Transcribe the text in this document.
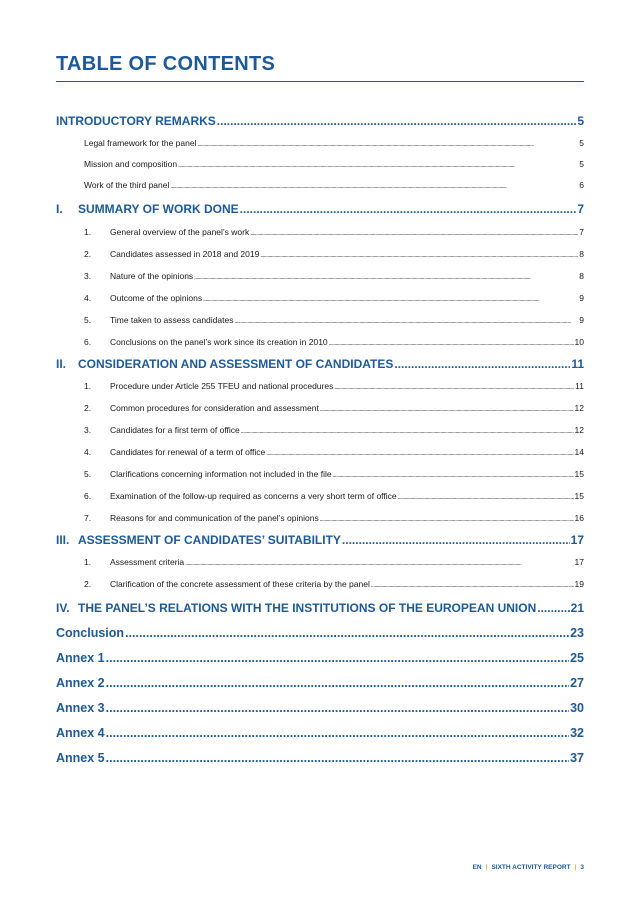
TABLE OF CONTENTS
INTRODUCTORY REMARKS .....	5
Legal framework for the panel .....	5
Mission and composition .....	5
Work of the third panel .....	6
I.	SUMMARY OF WORK DONE .....	7
1.	General overview of the panel’s work .....	7
2.	Candidates assessed in 2018 and 2019 .....	8
3.	Nature of the opinions .....	8
4.	Outcome of the opinions .....	9
5.	Time taken to assess candidates .....	9
6.	Conclusions on the panel’s work since its creation in 2010 .....	10
II. CONSIDERATION AND ASSESSMENT OF CANDIDATES .....	11
1.	Procedure under Article 255 TFEU and national procedures .....	11
2.	Common procedures for consideration and assessment .....	12
3.	Candidates for a first term of office .....	12
4.	Candidates for renewal of a term of office .....	14
5.	Clarifications concerning information not included in the file .....	15
6.	Examination of the follow-up required as concerns a very short term of office .....	15
7.	Reasons for and communication of the panel’s opinions .....	16
III. ASSESSMENT OF CANDIDATES’ SUITABILITY .....	17
1.	Assessment criteria .....	17
2.	Clarification of the concrete assessment of these criteria by the panel .....	19
IV. THE PANEL’S RELATIONS WITH THE INSTITUTIONS OF THE EUROPEAN UNION .....	21
Conclusion .....	23
Annex 1 .....	25
Annex 2 .....	27
Annex 3 .....	30
Annex 4 .....	32
Annex 5 .....	37
EN | SIXTH ACTIVITY REPORT | 3
